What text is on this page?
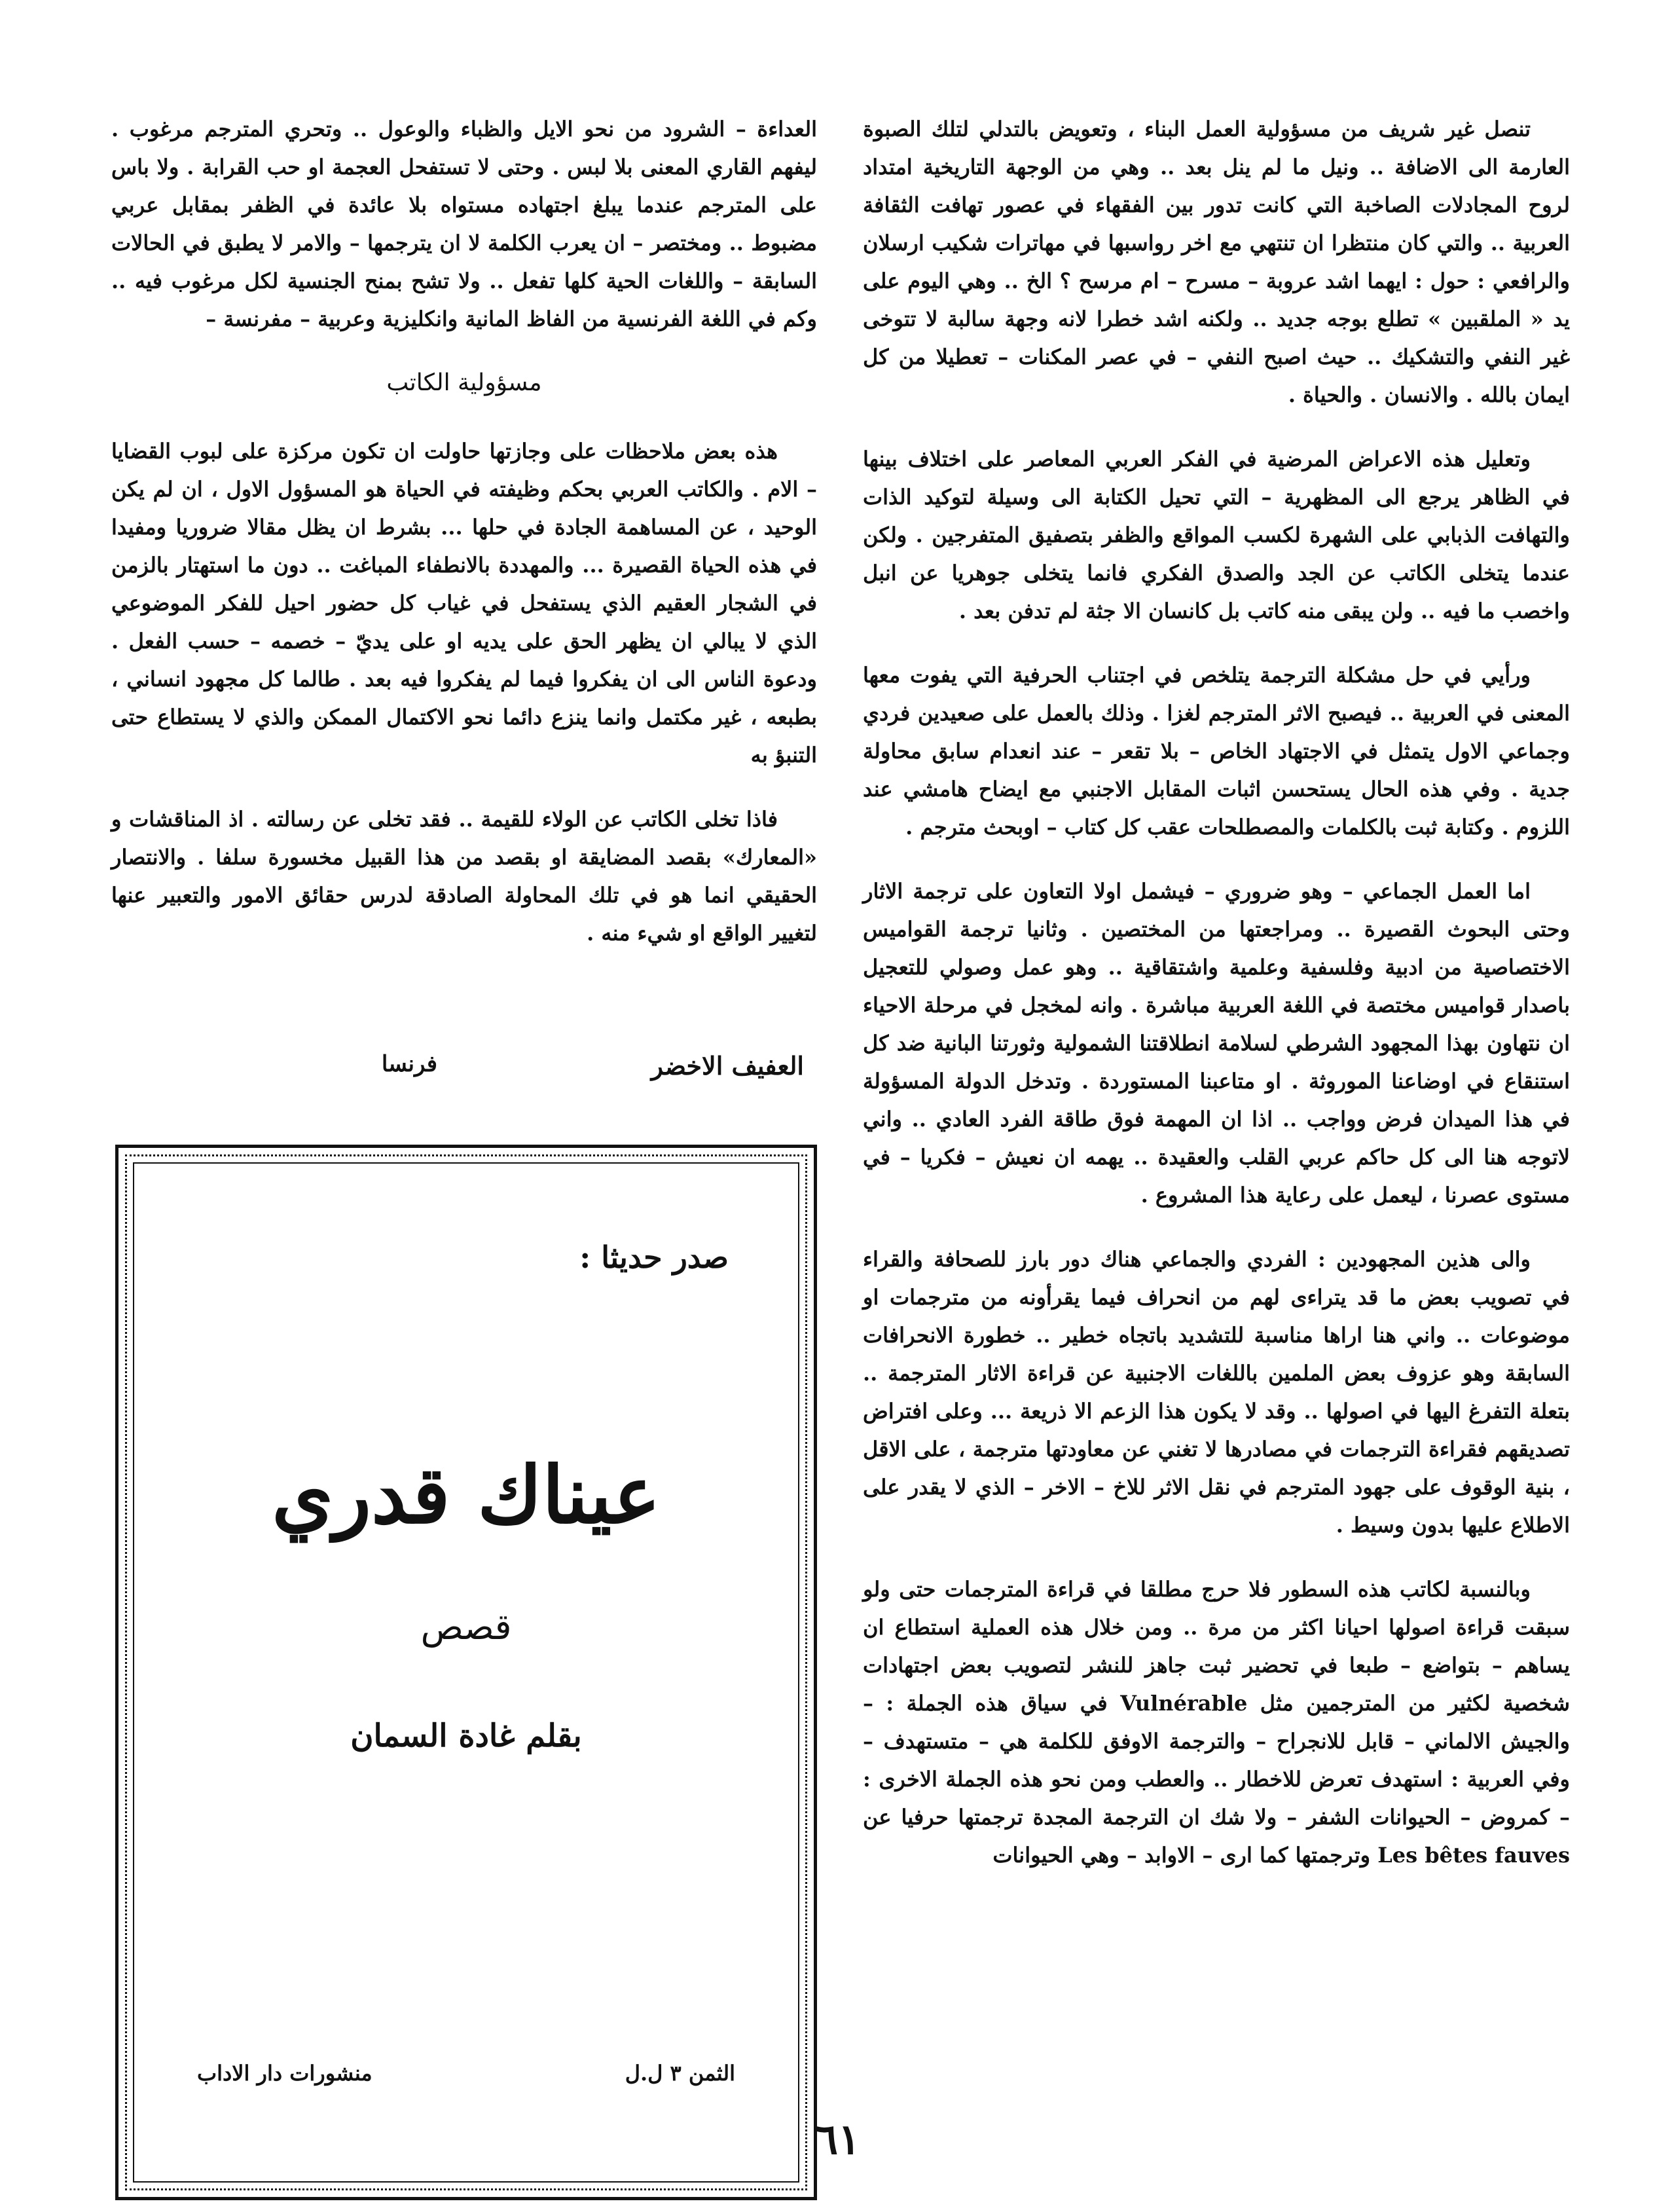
تنصل غير شريف من مسؤولية العمل البناء ، وتعويض بالتدلي لتلك الصبوة العارمة الى الاضافة .. ونيل ما لم ينل بعد .. وهي من الوجهة التاريخية امتداد لروح المجادلات الصاخبة التي كانت تدور بين الفقهاء في عصور تهافت الثقافة العربية .. والتي كان منتظرا ان تنتهي مع اخر رواسبها في مهاترات شكيب ارسلان والرافعي : حول : ايهما اشد عروبة – مسرح – ام مرسح ؟ الخ .. وهي اليوم على يد « الملقبين » تطلع بوجه جديد .. ولكنه اشد خطرا لانه وجهة سالبة لا تتوخى غير النفي والتشكيك .. حيث اصبح النفي – في عصر المكنات – تعطيلا من كل ايمان بالله . والانسان . والحياة .

وتعليل هذه الاعراض المرضية في الفكر العربي المعاصر على اختلاف بينها في الظاهر يرجع الى المظهرية – التي تحيل الكتابة الى وسيلة لتوكيد الذات والتهافت الذبابي على الشهرة لكسب المواقع والظفر بتصفيق المتفرجين . ولكن عندما يتخلى الكاتب عن الجد والصدق الفكري فانما يتخلى جوهريا عن انبل واخصب ما فيه .. ولن يبقى منه كاتب بل كانسان الا جثة لم تدفن بعد .

ورأيي في حل مشكلة الترجمة يتلخص في اجتناب الحرفية التي يفوت معها المعنى في العربية .. فيصبح الاثر المترجم لغزا . وذلك بالعمل على صعيدين فردي وجماعي الاول يتمثل في الاجتهاد الخاص – بلا تقعر – عند انعدام سابق محاولة جدية . وفي هذه الحال يستحسن اثبات المقابل الاجنبي مع ايضاح هامشي عند اللزوم . وكتابة ثبت بالكلمات والمصطلحات عقب كل كتاب – اوبحث مترجم .

اما العمل الجماعي – وهو ضروري – فيشمل اولا التعاون على ترجمة الاثار وحتى البحوث القصيرة .. ومراجعتها من المختصين . وثانيا ترجمة القواميس الاختصاصية من ادبية وفلسفية وعلمية واشتقاقية .. وهو عمل وصولي للتعجيل باصدار قواميس مختصة في اللغة العربية مباشرة . وانه لمخجل في مرحلة الاحياء ان نتهاون بهذا المجهود الشرطي لسلامة انطلاقتنا الشمولية وثورتنا البانية ضد كل استنقاع في اوضاعنا الموروثة . او متاعبنا المستوردة . وتدخل الدولة المسؤولة في هذا الميدان فرض وواجب .. اذا ان المهمة فوق طاقة الفرد العادي .. واني لاتوجه هنا الى كل حاكم عربي القلب والعقيدة .. يهمه ان نعيش – فكريا – في مستوى عصرنا ، ليعمل على رعاية هذا المشروع .

والى هذين المجهودين : الفردي والجماعي هناك دور بارز للصحافة والقراء في تصويب بعض ما قد يتراءى لهم من انحراف فيما يقرأونه من مترجمات او موضوعات .. واني هنا اراها مناسبة للتشديد باتجاه خطير .. خطورة الانحرافات السابقة وهو عزوف بعض الملمين باللغات الاجنبية عن قراءة الاثار المترجمة .. بتعلة التفرغ اليها في اصولها .. وقد لا يكون هذا الزعم الا ذريعة ... وعلى افتراض تصديقهم فقراءة الترجمات في مصادرها لا تغني عن معاودتها مترجمة ، على الاقل ، بنية الوقوف على جهود المترجم في نقل الاثر للاخ – الاخر – الذي لا يقدر على الاطلاع عليها بدون وسيط .

وبالنسبة لكاتب هذه السطور فلا حرج مطلقا في قراءة المترجمات حتى ولو سبقت قراءة اصولها احيانا اكثر من مرة .. ومن خلال هذه العملية استطاع ان يساهم – بتواضع – طبعا في تحضير ثبت جاهز للنشر لتصويب بعض اجتهادات شخصية لكثير من المترجمين مثل Vulnérable في سياق هذه الجملة : – والجيش الالماني – قابل للانجراح – والترجمة الاوفق للكلمة هي – متستهدف – وفي العربية : استهدف تعرض للاخطار .. والعطب ومن نحو هذه الجملة الاخرى : – كمروض – الحيوانات الشفر – ولا شك ان الترجمة المجدة ترجمتها حرفيا عن Les bêtes fauves وترجمتها كما ارى – الاوابد – وهي الحيوانات

العداءة – الشرود من نحو الايل والظباء والوعول .. وتحري المترجم مرغوب . ليفهم القاري المعنى بلا لبس . وحتى لا تستفحل العجمة او حب القرابة . ولا باس على المترجم عندما يبلغ اجتهاده مستواه بلا عائدة في الظفر بمقابل عربي مضبوط .. ومختصر – ان يعرب الكلمة لا ان يترجمها – والامر لا يطبق في الحالات السابقة – واللغات الحية كلها تفعل .. ولا تشح بمنح الجنسية لكل مرغوب فيه .. وكم في اللغة الفرنسية من الفاظ المانية وانكليزية وعربية – مفرنسة –

مسؤولية الكاتب

هذه بعض ملاحظات على وجازتها حاولت ان تكون مركزة على لبوب القضايا – الام . والكاتب العربي بحكم وظيفته في الحياة هو المسؤول الاول ، ان لم يكن الوحيد ، عن المساهمة الجادة في حلها ... بشرط ان يظل مقالا ضروريا ومفيدا في هذه الحياة القصيرة ... والمهددة بالانطفاء المباغت .. دون ما استهتار بالزمن في الشجار العقيم الذي يستفحل في غياب كل حضور احيل للفكر الموضوعي الذي لا يبالي ان يظهر الحق على يديه او على يديّ – خصمه – حسب الفعل . ودعوة الناس الى ان يفكروا فيما لم يفكروا فيه بعد . طالما كل مجهود انساني ، بطبعه ، غير مكتمل وانما ينزع دائما نحو الاكتمال الممكن والذي لا يستطاع حتى التنبؤ به

فاذا تخلى الكاتب عن الولاء للقيمة .. فقد تخلى عن رسالته . اذ المناقشات و «المعارك» بقصد المضايقة او بقصد من هذا القبيل مخسورة سلفا . والانتصار الحقيقي انما هو في تلك المحاولة الصادقة لدرس حقائق الامور والتعبير عنها لتغيير الواقع او شيء منه .

العفيف الاخضر
فرنسا
صدر حديثا :
عيناك قدري
قصص
بقلم غادة السمان
الثمن ٣ ل.ل
منشورات دار الاداب
٦١
